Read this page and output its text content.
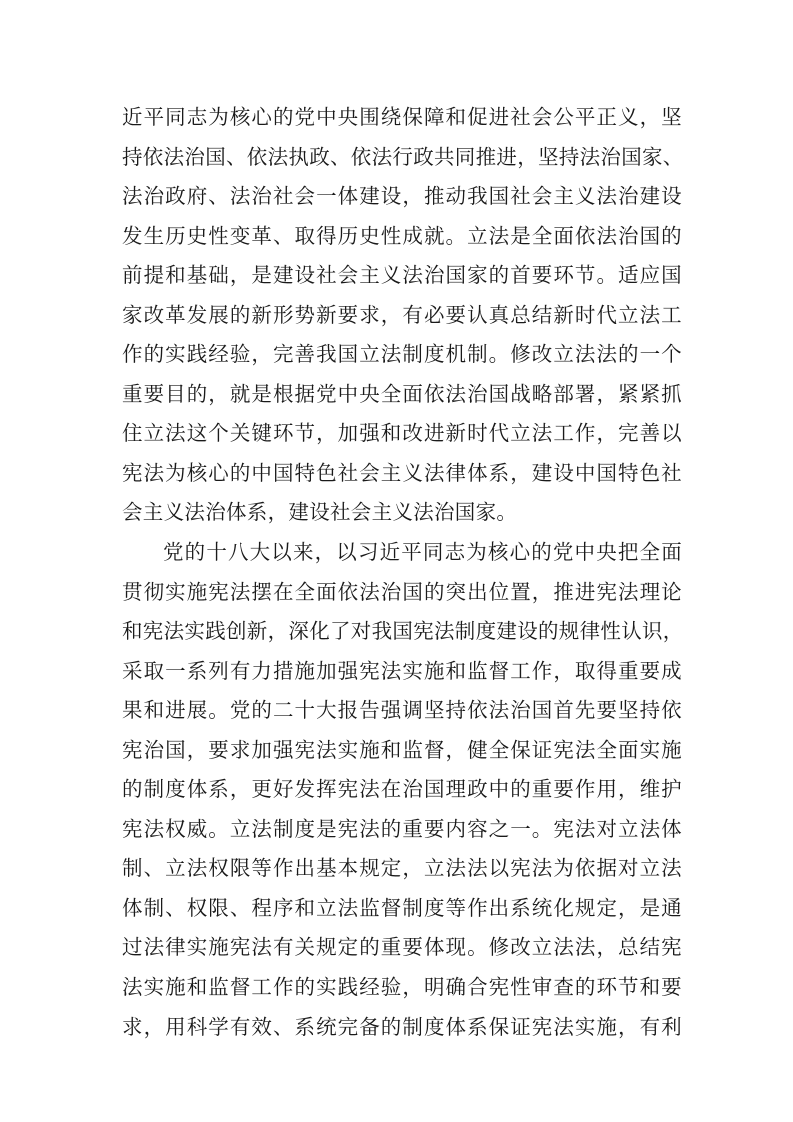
近平同志为核心的党中央围绕保障和促进社会公平正义，坚
持依法治国、依法执政、依法行政共同推进，坚持法治国家、
法治政府、法治社会一体建设，推动我国社会主义法治建设
发生历史性变革、取得历史性成就。立法是全面依法治国的
前提和基础，是建设社会主义法治国家的首要环节。适应国
家改革发展的新形势新要求，有必要认真总结新时代立法工
作的实践经验，完善我国立法制度机制。修改立法法的一个
重要目的，就是根据党中央全面依法治国战略部署，紧紧抓
住立法这个关键环节，加强和改进新时代立法工作，完善以
宪法为核心的中国特色社会主义法律体系，建设中国特色社
会主义法治体系，建设社会主义法治国家。
党的十八大以来，以习近平同志为核心的党中央把全面
贯彻实施宪法摆在全面依法治国的突出位置，推进宪法理论
和宪法实践创新，深化了对我国宪法制度建设的规律性认识，
采取一系列有力措施加强宪法实施和监督工作，取得重要成
果和进展。党的二十大报告强调坚持依法治国首先要坚持依
宪治国，要求加强宪法实施和监督，健全保证宪法全面实施
的制度体系，更好发挥宪法在治国理政中的重要作用，维护
宪法权威。立法制度是宪法的重要内容之一。宪法对立法体
制、立法权限等作出基本规定，立法法以宪法为依据对立法
体制、权限、程序和立法监督制度等作出系统化规定，是通
过法律实施宪法有关规定的重要体现。修改立法法，总结宪
法实施和监督工作的实践经验，明确合宪性审查的环节和要
求，用科学有效、系统完备的制度体系保证宪法实施，有利
